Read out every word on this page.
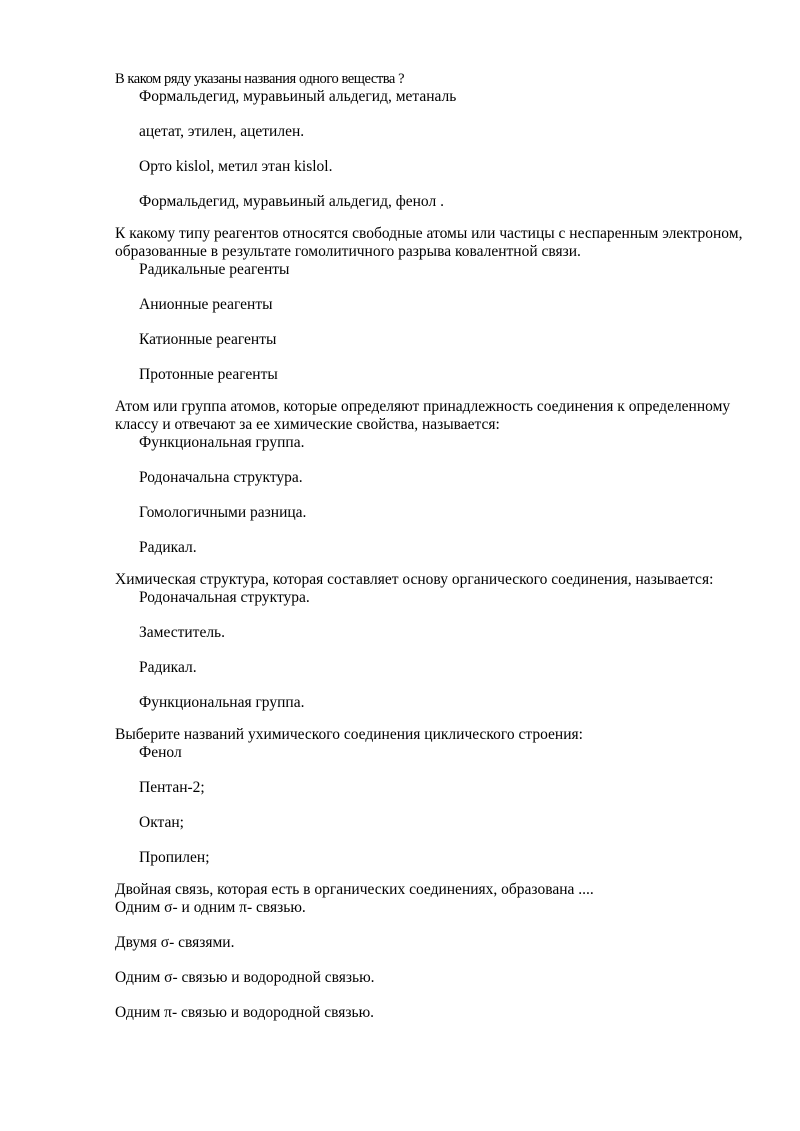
В каком ряду указаны названия одного вещества ?

Формальдегид, муравьиный альдегид, метаналь
ацетат, этилен, ацетилен.
Орто kislol, метил этан kislol.
Формальдегид, муравьиный альдегид, фенол .

К какому типу реагентов относятся свободные атомы или частицы с неспаренным электроном, образованные в результате гомолитичного разрыва ковалентной связи.

Радикальные реагенты
Анионные реагенты
Катионные реагенты
Протонные реагенты

Атом или группа атомов, которые определяют принадлежность соединения к определенному классу и отвечают за ее химические свойства, называется:

Функциональная группа.
Родоначальна структура.
Гомологичными разница.
Радикал.

Химическая структура, которая составляет основу органического соединения, называется:

Родоначальная структура.
Заместитель.
Радикал.
Функциональная группа.

Выберите названий ухимического соединения циклического строения:

Фенол
Пентан-2;
Октан;
Пропилен;

Двойная связь, которая есть в органических соединениях, образована ....

Одним σ- и одним π- связью.
Двумя σ- связями.
Одним σ- связью и водородной связью.
Одним π- связью и водородной связью.
